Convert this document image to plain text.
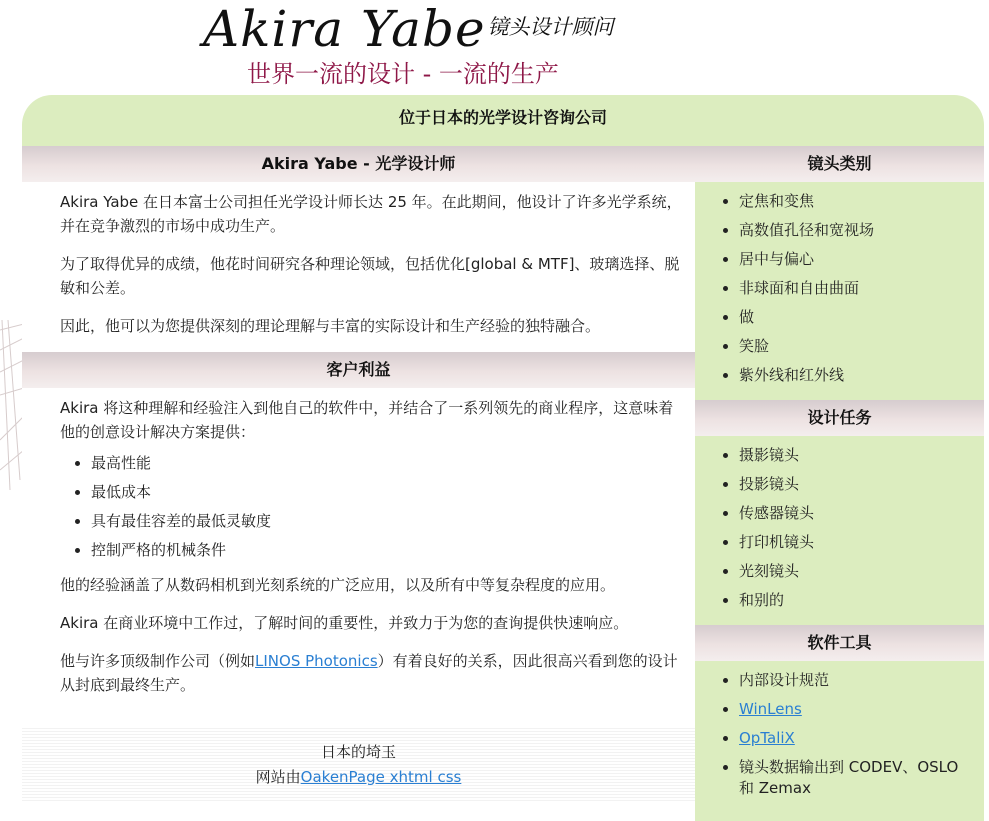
Akira Yabe镜头设计顾问
世界一流的设计 - 一流的生产
位于日本的光学设计咨询公司
Akira Yabe - 光学设计师

Akira Yabe 在日本富士公司担任光学设计师长达 25 年。在此期间，他设计了许多光学系统，并在竞争激烈的市场中成功生产。

为了取得优异的成绩，他花时间研究各种理论领域，包括优化[global & MTF]、玻璃选择、脱敏和公差。

因此，他可以为您提供深刻的理论理解与丰富的实际设计和生产经验的独特融合。

客户利益

Akira 将这种理解和经验注入到他自己的软件中，并结合了一系列领先的商业程序，这意味着他的创意设计解决方案提供：

• 最高性能
• 最低成本
• 具有最佳容差的最低灵敏度
• 控制严格的机械条件

他的经验涵盖了从数码相机到光刻系统的广泛应用，以及所有中等复杂程度的应用。

Akira 在商业环境中工作过，了解时间的重要性，并致力于为您的查询提供快速响应。

他与许多顶级制作公司（例如LINOS Photonics）有着良好的关系，因此很高兴看到您的设计从封底到最终生产。

日本的埼玉
网站由OakenPage xhtml css
镜头类别
• 定焦和变焦
• 高数值孔径和宽视场
• 居中与偏心
• 非球面和自由曲面
• 做
• 笑脸
• 紫外线和红外线
设计任务
• 摄影镜头
• 投影镜头
• 传感器镜头
• 打印机镜头
• 光刻镜头
• 和别的
软件工具
• 内部设计规范
• WinLens
• OpTaliX
• 镜头数据输出到 CODEV、OSLO 和 Zemax
